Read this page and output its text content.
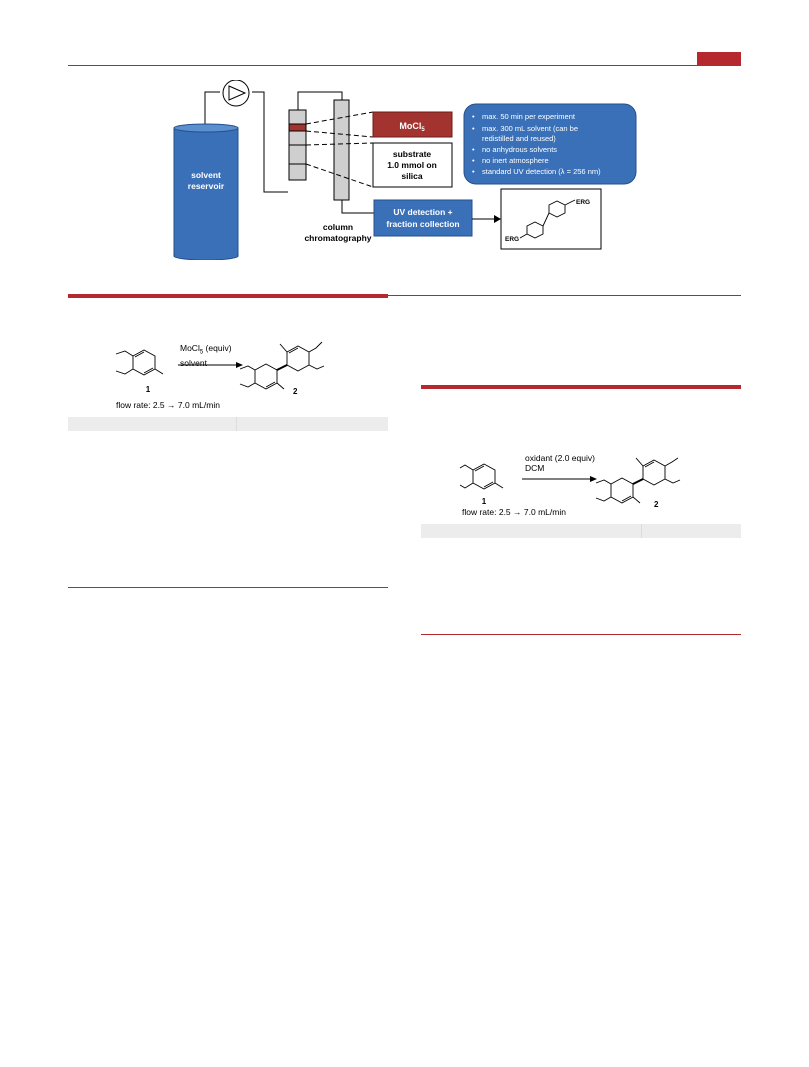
solvent
reservoir
MoCl$_5$
substrate
1.0 mmol on
silica
• max. 50 min per experiment
• max. 300 mL solvent (can be
redistilled and reused)
• no anhydrous solvents
• no inert atmosphere
• standard UV detection (λ = 256 nm)
column
chromatography
UV detection +
fraction collection
ERG
ERG
1	2
MoCl$_5$ (equiv)
solvent
flow rate: 2.5 → 7.0 mL/min
1	2
oxidant (2.0 equiv)
DCM
flow rate: 2.5 → 7.0 mL/min
